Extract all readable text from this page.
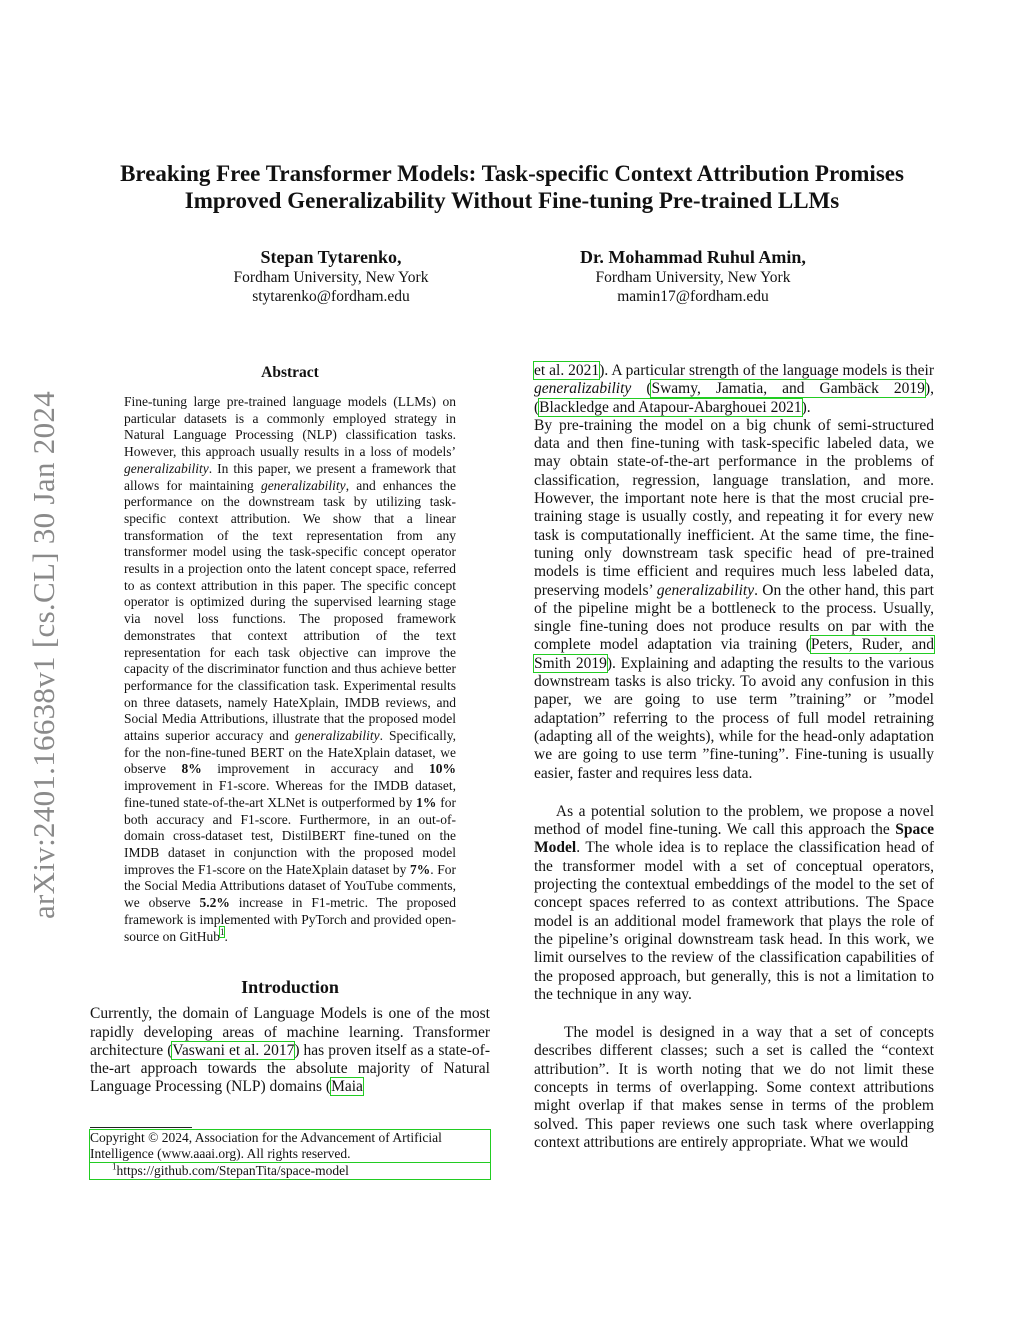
arXiv:2401.16638v1 [cs.CL] 30 Jan 2024
Breaking Free Transformer Models: Task-specific Context Attribution Promises
Improved Generalizability Without Fine-tuning Pre-trained LLMs
Stepan Tytarenko,
Fordham University, New York
stytarenko@fordham.edu
Dr. Mohammad Ruhul Amin,
Fordham University, New York
mamin17@fordham.edu
Abstract

Fine-tuning large pre-trained language models (LLMs) on particular datasets is a commonly employed strategy in Natural Language Processing (NLP) classification tasks. However, this approach usually results in a loss of models’ generalizability. In this paper, we present a framework that allows for maintaining generalizability, and enhances the performance on the downstream task by utilizing task-specific context attribution. We show that a linear transformation of the text representation from any transformer model using the task-specific concept operator results in a projection onto the latent concept space, referred to as context attribution in this paper. The specific concept operator is optimized during the supervised learning stage via novel loss functions. The proposed framework demonstrates that context attribution of the text representation for each task objective can improve the capacity of the discriminator function and thus achieve better performance for the classification task. Experimental results on three datasets, namely HateXplain, IMDB reviews, and Social Media Attributions, illustrate that the proposed model attains superior accuracy and generalizability. Specifically, for the non-fine-tuned BERT on the HateXplain dataset, we observe 8% improvement in accuracy and 10% improvement in F1-score. Whereas for the IMDB dataset, fine-tuned state-of-the-art XLNet is outperformed by 1% for both accuracy and F1-score. Furthermore, in an out-of-domain cross-dataset test, DistilBERT fine-tuned on the IMDB dataset in conjunction with the proposed model improves the F1-score on the HateXplain dataset by 7%. For the Social Media Attributions dataset of YouTube comments, we observe 5.2% increase in F1-metric. The proposed framework is implemented with PyTorch and provided open-source on GitHub$^1$.

Introduction

Currently, the domain of Language Models is one of the most rapidly developing areas of machine learning. Transformer architecture (Vaswani et al. 2017) has proven itself as a state-of-the-art approach towards the absolute majority of Natural Language Processing (NLP) domains (Maia

Copyright © 2024, Association for the Advancement of Artificial Intelligence (www.aaai.org). All rights reserved.
$^1$https://github.com/StepanTita/space-model

et al. 2021). A particular strength of the language models is their generalizability (Swamy, Jamatia, and Gambäck 2019), (Blackledge and Atapour-Abarghouei 2021).

By pre-training the model on a big chunk of semi-structured data and then fine-tuning with task-specific labeled data, we may obtain state-of-the-art performance in the problems of classification, regression, language translation, and more. However, the important note here is that the most crucial pre-training stage is usually costly, and repeating it for every new task is computationally inefficient. At the same time, the fine-tuning only downstream task specific head of pre-trained models is time efficient and requires much less labeled data, preserving models’ generalizability. On the other hand, this part of the pipeline might be a bottleneck to the process. Usually, single fine-tuning does not produce results on par with the complete model adaptation via training (Peters, Ruder, and Smith 2019). Explaining and adapting the results to the various downstream tasks is also tricky. To avoid any confusion in this paper, we are going to use term ”training” or ”model adaptation” referring to the process of full model retraining (adapting all of the weights), while for the head-only adaptation we are going to use term ”fine-tuning”. Fine-tuning is usually easier, faster and requires less data.

As a potential solution to the problem, we propose a novel method of model fine-tuning. We call this approach the Space Model. The whole idea is to replace the classification head of the transformer model with a set of conceptual operators, projecting the contextual embeddings of the model to the set of concept spaces referred to as context attributions. The Space model is an additional model framework that plays the role of the pipeline’s original downstream task head. In this work, we limit ourselves to the review of the classification capabilities of the proposed approach, but generally, this is not a limitation to the technique in any way.

The model is designed in a way that a set of concepts describes different classes; such a set is called the “context attribution”. It is worth noting that we do not limit these concepts in terms of overlapping. Some context attributions might overlap if that makes sense in terms of the problem solved. This paper reviews one such task where overlapping context attributions are entirely appropriate. What we would
